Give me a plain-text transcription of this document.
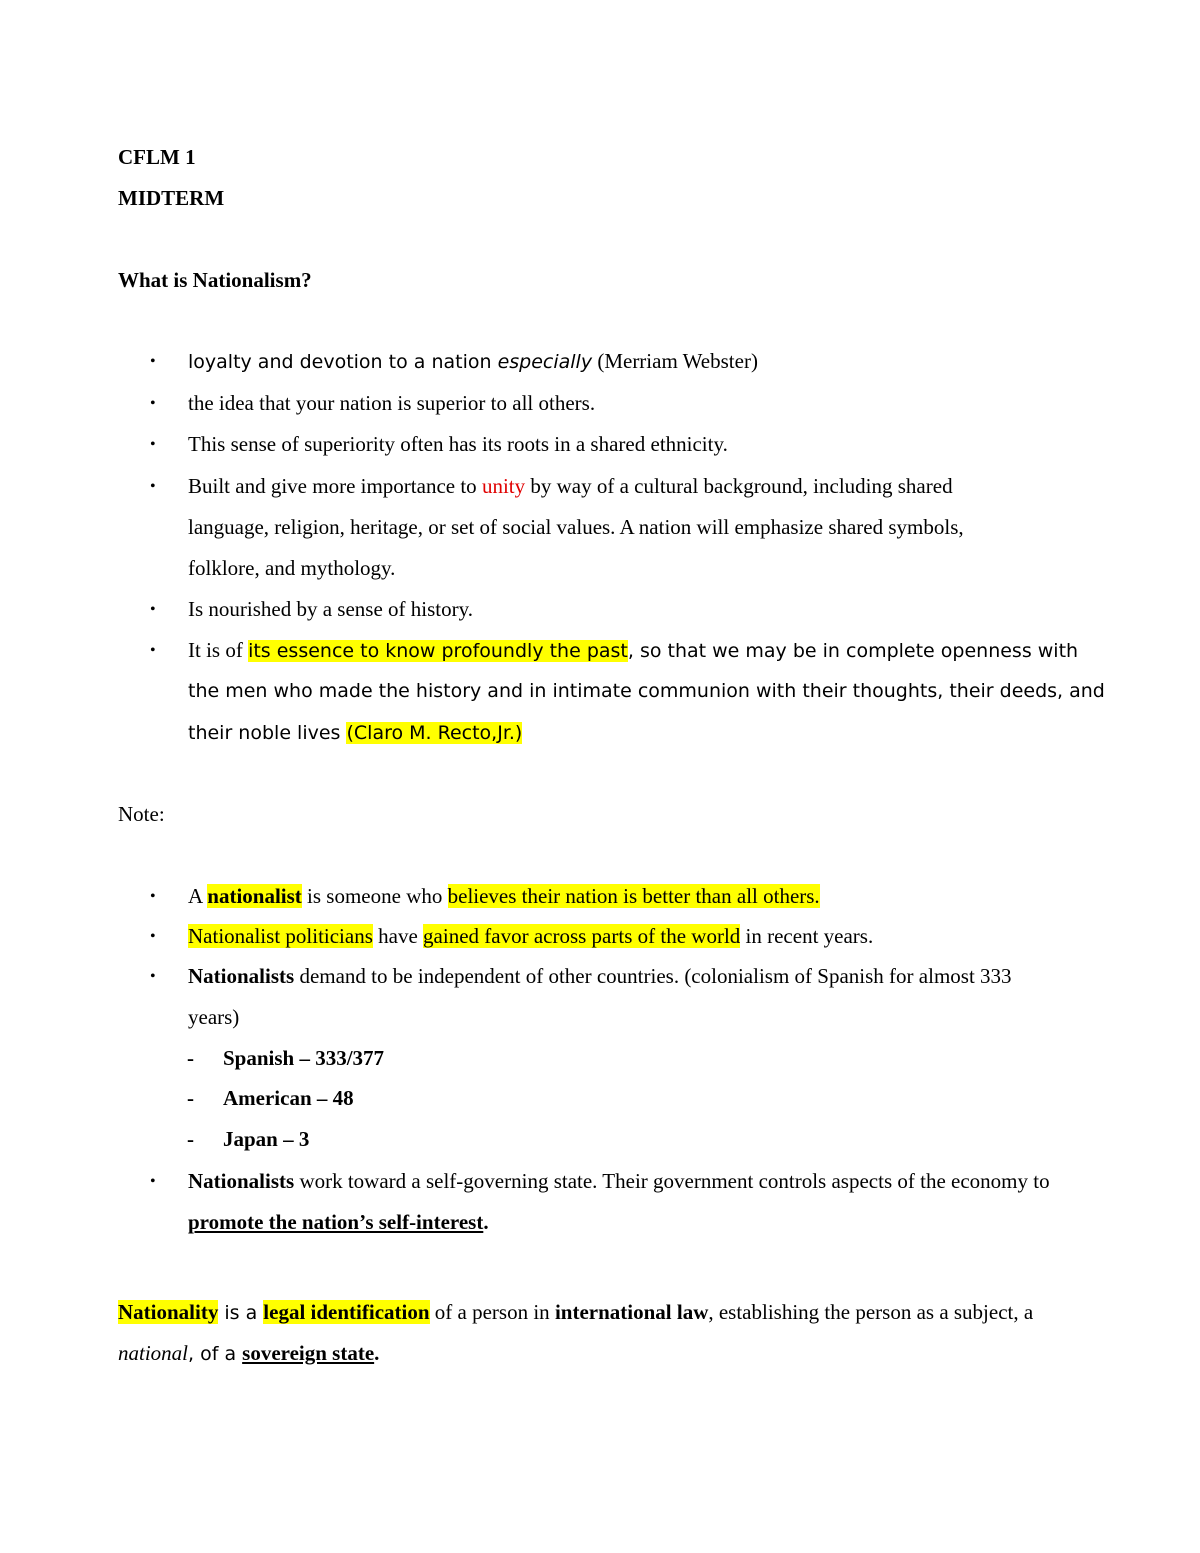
CFLM 1
MIDTERM
What is Nationalism?
• loyalty and devotion to a nation especially (Merriam Webster)
• the idea that your nation is superior to all others.
• This sense of superiority often has its roots in a shared ethnicity.
• Built and give more importance to unity by way of a cultural background, including shared
language, religion, heritage, or set of social values. A nation will emphasize shared symbols,
folklore, and mythology.
• Is nourished by a sense of history.
• It is of its essence to know profoundly the past, so that we may be in complete openness with
the men who made the history and in intimate communion with their thoughts, their deeds, and
their noble lives (Claro M. Recto,Jr.)
Note:
• A nationalist is someone who believes their nation is better than all others.
• Nationalist politicians have gained favor across parts of the world in recent years.
• Nationalists demand to be independent of other countries. (colonialism of Spanish for almost 333
years)
- Spanish – 333/377
- American – 48
- Japan – 3
• Nationalists work toward a self-governing state. Their government controls aspects of the economy to
promote the nation’s self-interest.
Nationality is a legal identification of a person in international law, establishing the person as a subject, a
national, of a sovereign state.
